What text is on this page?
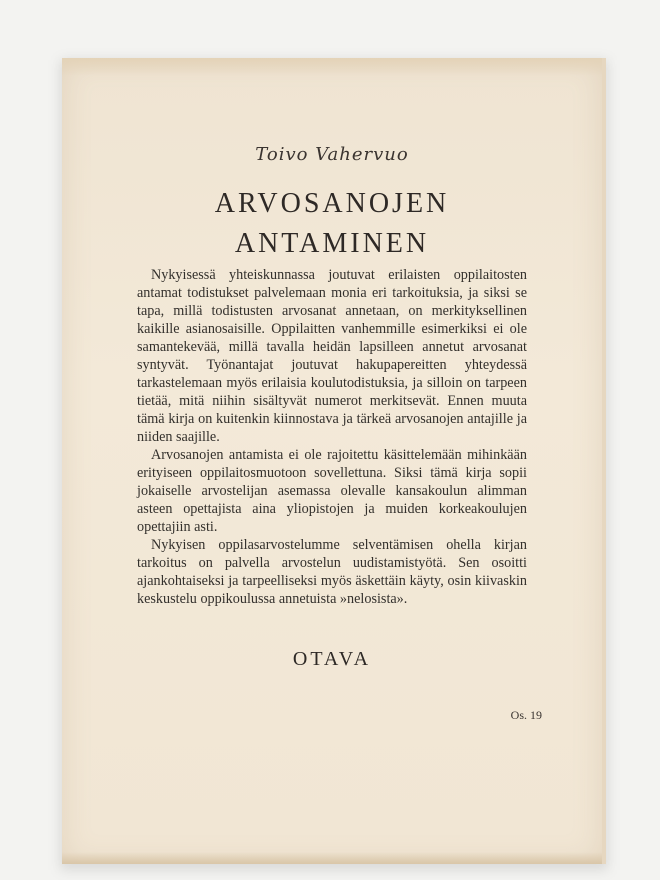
Toivo Vahervuo
ARVOSANOJEN
ANTAMINEN

Nykyisessä yhteiskunnassa joutuvat erilaisten oppilaitosten antamat todistukset palvelemaan monia eri tarkoituksia, ja siksi se tapa, millä todistusten arvosanat annetaan, on merkityksellinen kaikille asianosaisille. Oppilaitten vanhemmille esimerkiksi ei ole samantekevää, millä tavalla heidän lapsilleen annetut arvosanat syntyvät. Työnantajat joutuvat hakupapereitten yhteydessä tarkastelemaan myös erilaisia koulutodistuksia, ja silloin on tarpeen tietää, mitä niihin sisältyvät numerot merkitsevät. Ennen muuta tämä kirja on kuitenkin kiinnostava ja tärkeä arvosanojen antajille ja niiden saajille.

Arvosanojen antamista ei ole rajoitettu käsittelemään mihinkään erityiseen oppilaitosmuotoon sovellettuna. Siksi tämä kirja sopii jokaiselle arvostelijan asemassa olevalle kansakoulun alimman asteen opettajista aina yliopistojen ja muiden korkeakoulujen opettajiin asti.

Nykyisen oppilasarvostelumme selventämisen ohella kirjan tarkoitus on palvella arvostelun uudistamistyötä. Sen osoitti ajankohtaiseksi ja tarpeelliseksi myös äskettäin käyty, osin kiivaskin keskustelu oppikoulussa annetuista »nelosista».

OTAVA
Os. 19
